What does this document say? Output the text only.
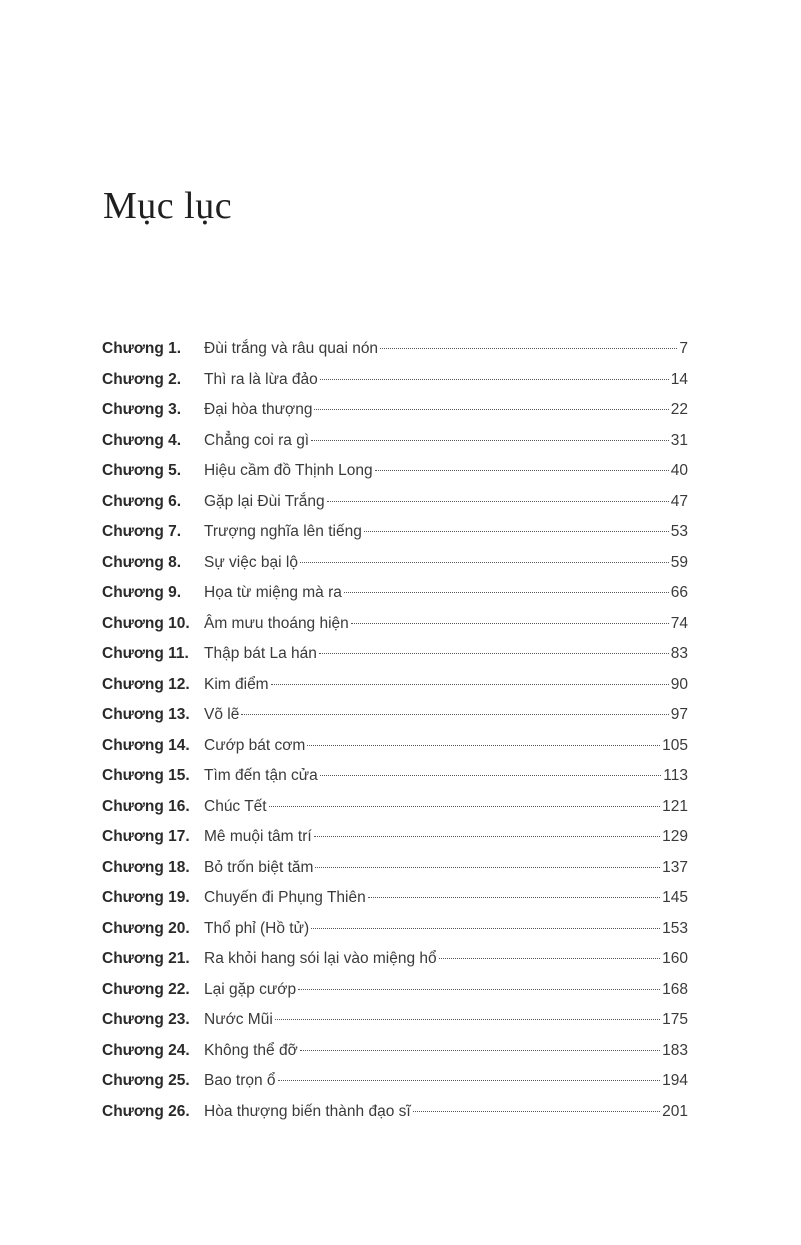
Mục lục
Chương 1.	Đùi trắng và râu quai nón	7
Chương 2.	Thì ra là lừa đảo	14
Chương 3.	Đại hòa thượng	22
Chương 4.	Chẳng coi ra gì	31
Chương 5.	Hiệu cầm đồ Thịnh Long	40
Chương 6.	Gặp lại Đùi Trắng	47
Chương 7.	Trượng nghĩa lên tiếng	53
Chương 8.	Sự việc bại lộ	59
Chương 9.	Họa từ miệng mà ra	66
Chương 10. Âm mưu thoáng hiện	74
Chương 11. Thập bát La hán	83
Chương 12. Kim điểm	90
Chương 13. Võ lẽ	97
Chương 14. Cướp bát cơm	105
Chương 15. Tìm đến tận cửa	113
Chương 16. Chúc Tết	121
Chương 17. Mê muội tâm trí	129
Chương 18. Bỏ trốn biệt tăm	137
Chương 19. Chuyến đi Phụng Thiên	145
Chương 20. Thổ phỉ (Hồ tử)	153
Chương 21. Ra khỏi hang sói lại vào miệng hổ	160
Chương 22. Lại gặp cướp	168
Chương 23. Nước Mũi	175
Chương 24. Không thể đỡ	183
Chương 25. Bao trọn ổ	194
Chương 26. Hòa thượng biến thành đạo sĩ	201
